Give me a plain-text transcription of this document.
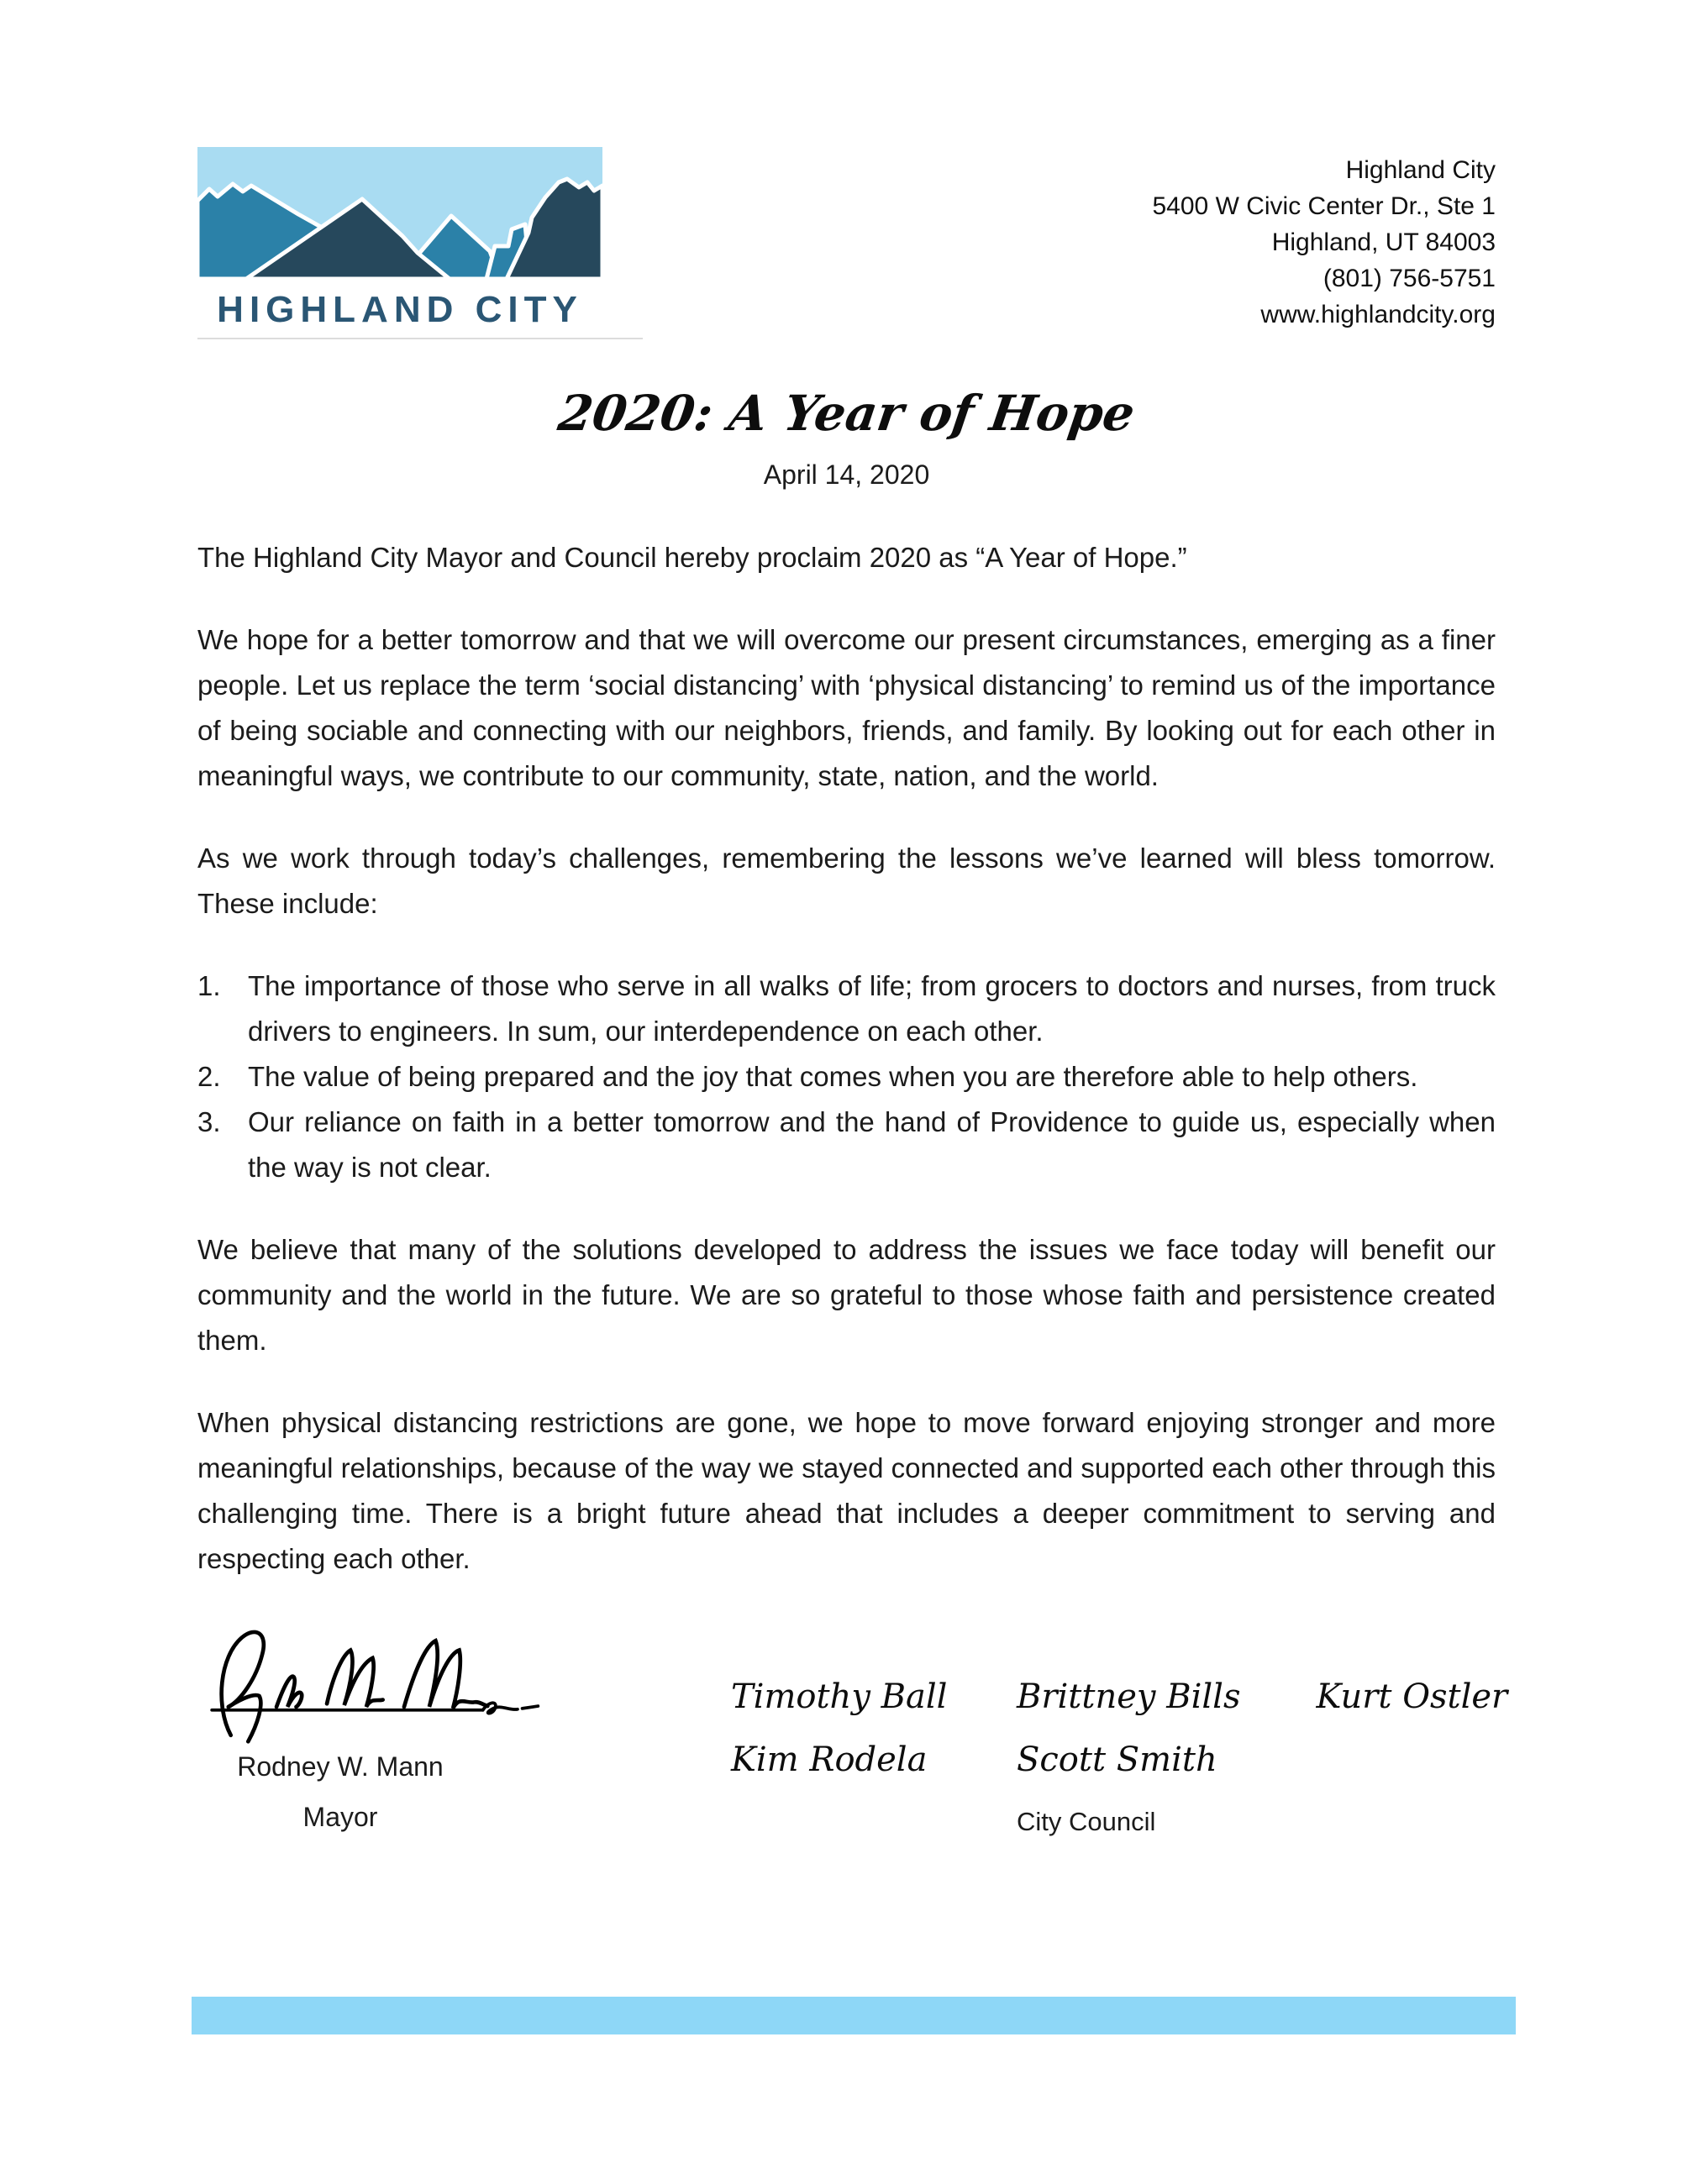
HIGHLAND CITY
Highland City
5400 W Civic Center Dr., Ste 1
Highland, UT 84003
(801) 756-5751
www.highlandcity.org
2020: A Year of Hope
April 14, 2020

The Highland City Mayor and Council hereby proclaim 2020 as “A Year of Hope.”

We hope for a better tomorrow and that we will overcome our present circumstances, emerging as a finer people. Let us replace the term ‘social distancing’ with ‘physical distancing’ to remind us of the importance of being sociable and connecting with our neighbors, friends, and family. By looking out for each other in meaningful ways, we contribute to our community, state, nation, and the world.

As we work through today’s challenges, remembering the lessons we’ve learned will bless tomorrow. These include:

1. The importance of those who serve in all walks of life; from grocers to doctors and nurses, from truck drivers to engineers. In sum, our interdependence on each other.
2. The value of being prepared and the joy that comes when you are therefore able to help others.
3. Our reliance on faith in a better tomorrow and the hand of Providence to guide us, especially when the way is not clear.

We believe that many of the solutions developed to address the issues we face today will benefit our community and the world in the future. We are so grateful to those whose faith and persistence created them.

When physical distancing restrictions are gone, we hope to move forward enjoying stronger and more meaningful relationships, because of the way we stayed connected and supported each other through this challenging time. There is a bright future ahead that includes a deeper commitment to serving and respecting each other.

Rodney W. Mann
Mayor
Timothy Ball
Kim Rodela
Brittney Bills
Scott Smith
City Council
Kurt Ostler
